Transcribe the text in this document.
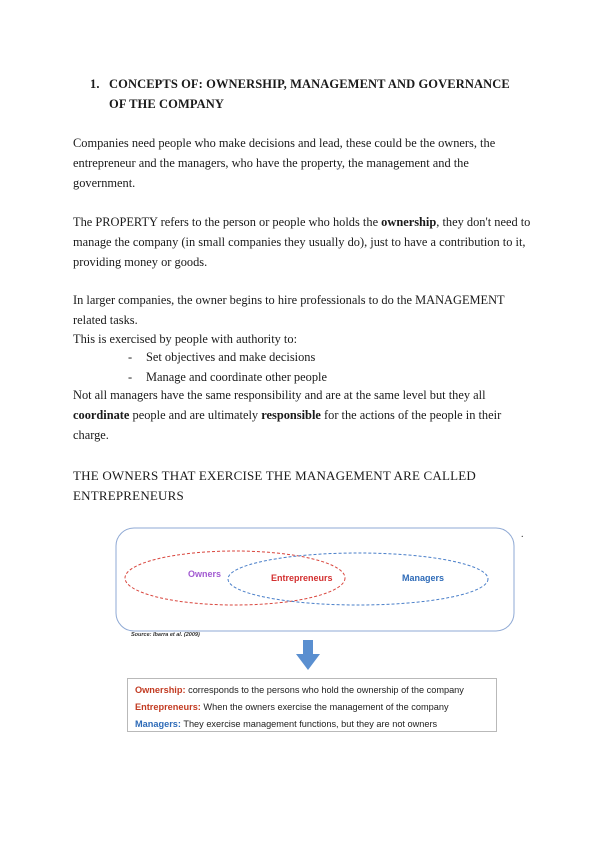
1. CONCEPTS OF: OWNERSHIP, MANAGEMENT AND GOVERNANCE OF THE COMPANY
Companies need people who make decisions and lead, these could be the owners, the entrepreneur and the managers, who have the property, the management and the government.
The PROPERTY refers to the person or people who holds the ownership, they don't need to manage the company (in small companies they usually do), just to have a contribution to it, providing money or goods.
In larger companies, the owner begins to hire professionals to do the MANAGEMENT related tasks.
This is exercised by people with authority to:
- Set objectives and make decisions
- Manage and coordinate other people
Not all managers have the same responsibility and are at the same level but they all coordinate people and are ultimately responsible for the actions of the people in their charge.
THE OWNERS THAT EXERCISE THE MANAGEMENT ARE CALLED ENTREPRENEURS
Owners	Entrepreneurs	Managers
.
Source: Ibarra et al. (2009)
Ownership: corresponds to the persons who hold the ownership of the company
Entrepreneurs: When the owners exercise the management of the company
Managers: They exercise management functions, but they are not owners
